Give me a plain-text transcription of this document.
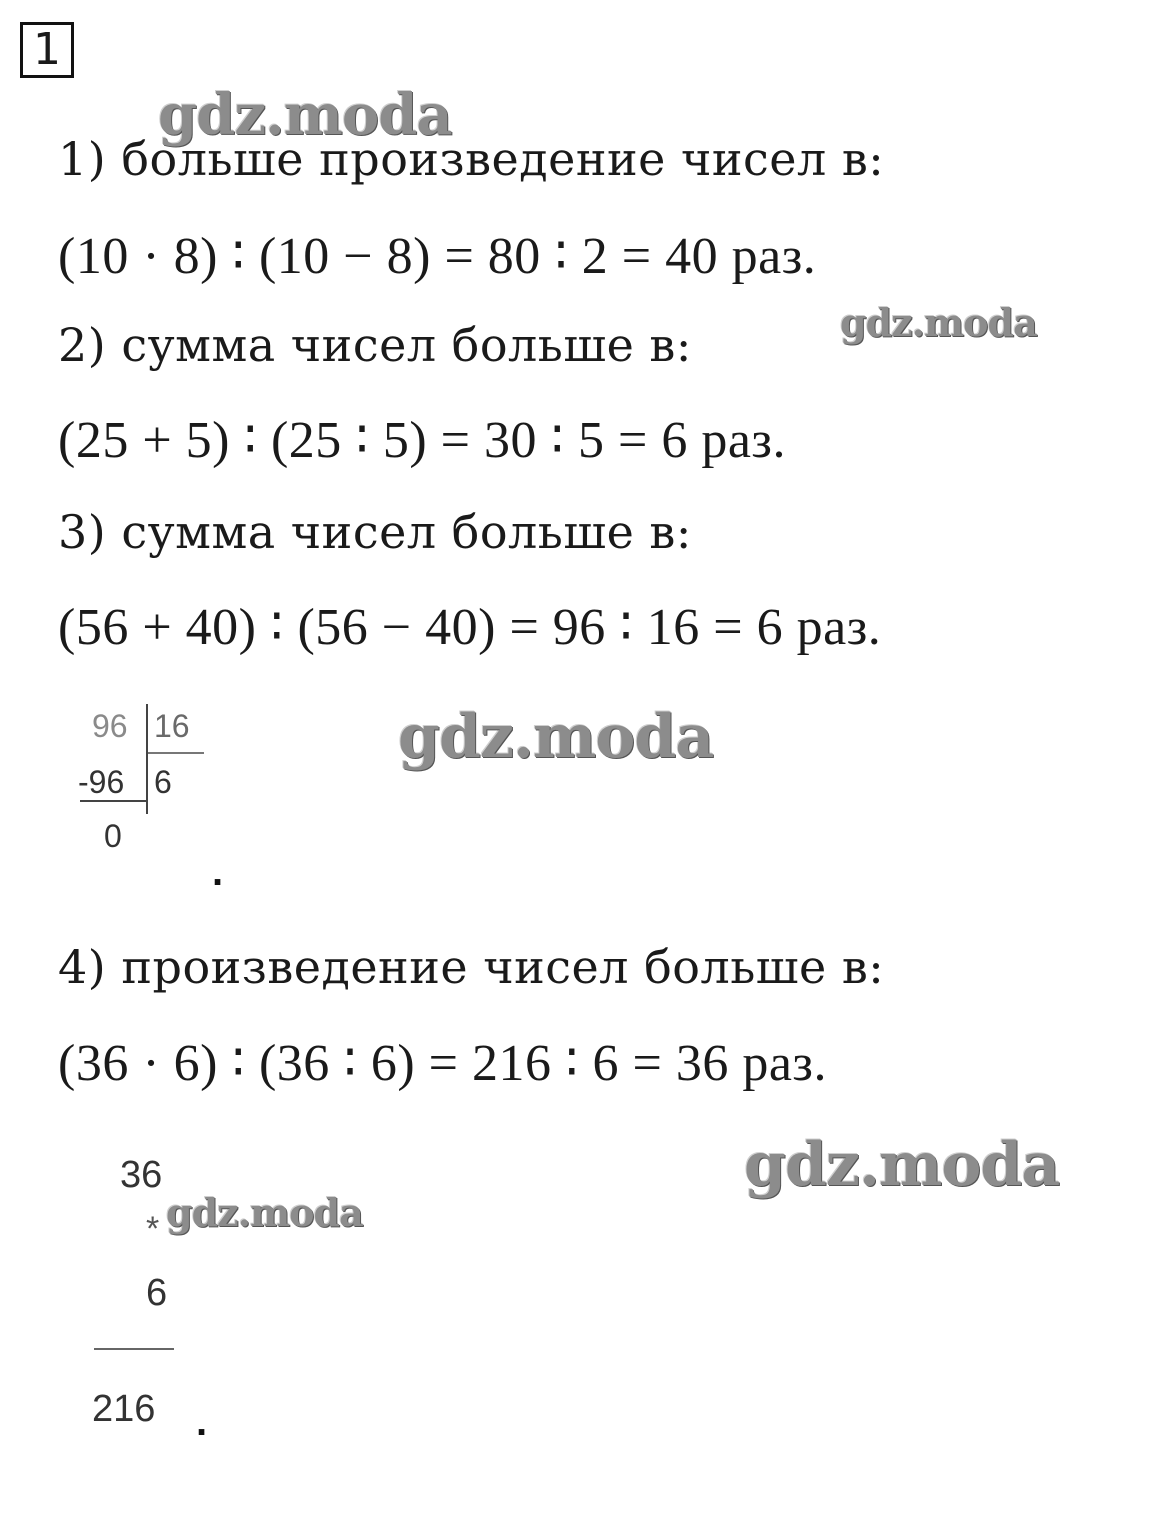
1
gdz.moda
1) больше произведение чисел в:
(10 · 8) ∶ (10 − 8) = 80 ∶ 2 = 40 раз.
gdz.moda
2) сумма чисел больше в:
(25 + 5) ∶ (25 ∶ 5) = 30 ∶ 5 = 6 раз.
3) сумма чисел больше в:
(56 + 40) ∶ (56 − 40) = 96 ∶ 16 = 6 раз.
96 16
-96 6
0
gdz.moda
.
4) произведение чисел больше в:
(36 · 6) ∶ (36 ∶ 6) = 216 ∶ 6 = 36 раз.
gdz.moda
36
*
6
216
gdz.moda
.
